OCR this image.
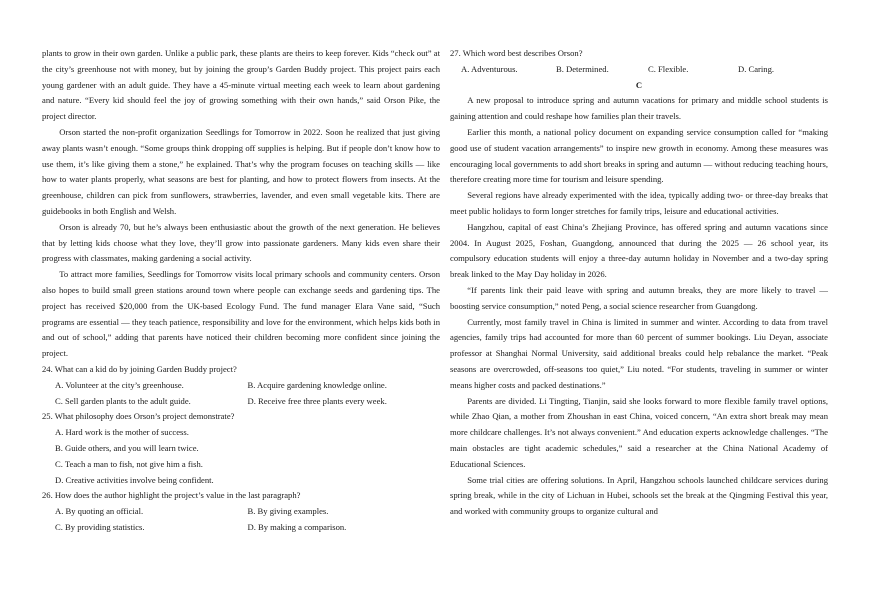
plants to grow in their own garden. Unlike a public park, these plants are theirs to keep forever. Kids “check out” at the city’s greenhouse not with money, but by joining the group’s Garden Buddy project. This project pairs each young gardener with an adult guide. They have a 45-minute virtual meeting each week to learn about gardening and nature. “Every kid should feel the joy of growing something with their own hands,” said Orson Pike, the project director.

Orson started the non-profit organization Seedlings for Tomorrow in 2022. Soon he realized that just giving away plants wasn’t enough. “Some groups think dropping off supplies is helping. But if people don’t know how to use them, it’s like giving them a stone,” he explained. That’s why the program focuses on teaching skills — like how to water plants properly, what seasons are best for planting, and how to protect flowers from insects. At the greenhouse, children can pick from sunflowers, strawberries, lavender, and even small vegetable kits. There are guidebooks in both English and Welsh.

Orson is already 70, but he’s always been enthusiastic about the growth of the next generation. He believes that by letting kids choose what they love, they’ll grow into passionate gardeners. Many kids even share their progress with classmates, making gardening a social activity.

To attract more families, Seedlings for Tomorrow visits local primary schools and community centers. Orson also hopes to build small green stations around town where people can exchange seeds and gardening tips. The project has received $20,000 from the UK-based Ecology Fund. The fund manager Elara Vane said, “Such programs are essential — they teach patience, responsibility and love for the environment, which helps kids both in and out of school,” adding that parents have noticed their children becoming more confident since joining the project.

24. What can a kid do by joining Garden Buddy project?

A. Volunteer at the city’s greenhouse.	B. Acquire gardening knowledge online.
C. Sell garden plants to the adult guide.	D. Receive free three plants every week.

25. What philosophy does Orson’s project demonstrate?

A. Hard work is the mother of success.
B. Guide others, and you will learn twice.
C. Teach a man to fish, not give him a fish.
D. Creative activities involve being confident.

26. How does the author highlight the project’s value in the last paragraph?

A. By quoting an official.	B. By giving examples.
C. By providing statistics.	D. By making a comparison.

27. Which word best describes Orson?

A. Adventurous.	B. Determined.	C. Flexible.	D. Caring.

C

A new proposal to introduce spring and autumn vacations for primary and middle school students is gaining attention and could reshape how families plan their travels.

Earlier this month, a national policy document on expanding service consumption called for “making good use of student vacation arrangements” to inspire new growth in economy. Among these measures was encouraging local governments to add short breaks in spring and autumn — without reducing teaching hours, therefore creating more time for tourism and leisure spending.

Several regions have already experimented with the idea, typically adding two- or three-day breaks that meet public holidays to form longer stretches for family trips, leisure and educational activities.

Hangzhou, capital of east China’s Zhejiang Province, has offered spring and autumn vacations since 2004. In August 2025, Foshan, Guangdong, announced that during the 2025 — 26 school year, its compulsory education students will enjoy a three-day autumn holiday in November and a two-day spring break linked to the May Day holiday in 2026.

“If parents link their paid leave with spring and autumn breaks, they are more likely to travel — boosting service consumption,” noted Peng, a social science researcher from Guangdong.

Currently, most family travel in China is limited in summer and winter. According to data from travel agencies, family trips had accounted for more than 60 percent of summer bookings. Liu Deyan, associate professor at Shanghai Normal University, said additional breaks could help rebalance the market. “Peak seasons are overcrowded, off-seasons too quiet,” Liu noted. “For students, traveling in summer or winter means higher costs and packed destinations.”

Parents are divided. Li Tingting, Tianjin, said she looks forward to more flexible family travel options, while Zhao Qian, a mother from Zhoushan in east China, voiced concern, “An extra short break may mean more childcare challenges. It’s not always convenient.” And education experts acknowledge challenges. “The main obstacles are tight academic schedules,” said a researcher at the China National Academy of Educational Sciences.

Some trial cities are offering solutions. In April, Hangzhou schools launched childcare services during spring break, while in the city of Lichuan in Hubei, schools set the break at the Qingming Festival this year, and worked with community groups to organize cultural and
